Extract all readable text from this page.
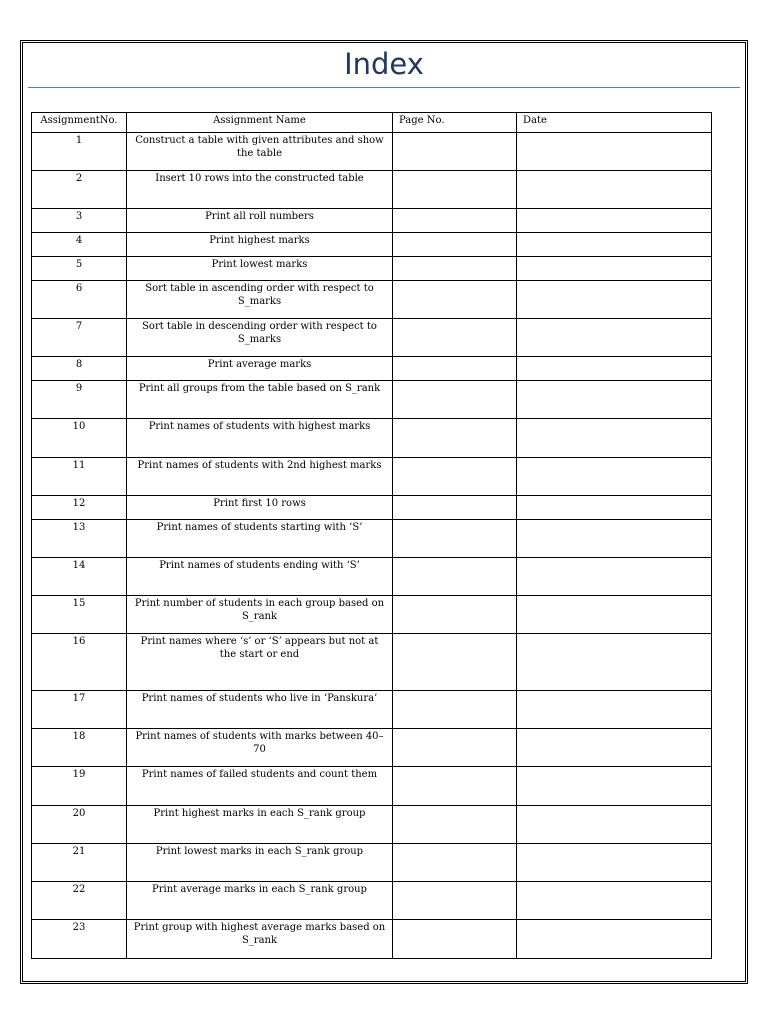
Index
AssignmentNo.	Assignment Name	Page No.	Date
1	Construct a table with given attributes and show the table		
2	Insert 10 rows into the constructed table		
3	Print all roll numbers		
4	Print highest marks		
5	Print lowest marks		
6	Sort table in ascending order with respect to S_marks		
7	Sort table in descending order with respect to S_marks		
8	Print average marks		
9	Print all groups from the table based on S_rank		
10	Print names of students with highest marks		
11	Print names of students with 2nd highest marks		
12	Print first 10 rows		
13	Print names of students starting with ‘S’		
14	Print names of students ending with ‘S’		
15	Print number of students in each group based on S_rank		
16	Print names where ‘s’ or ‘S’ appears but not at the start or end		
17	Print names of students who live in ‘Panskura’		
18	Print names of students with marks between 40–70		
19	Print names of failed students and count them		
20	Print highest marks in each S_rank group		
21	Print lowest marks in each S_rank group		
22	Print average marks in each S_rank group		
23	Print group with highest average marks based on S_rank		
